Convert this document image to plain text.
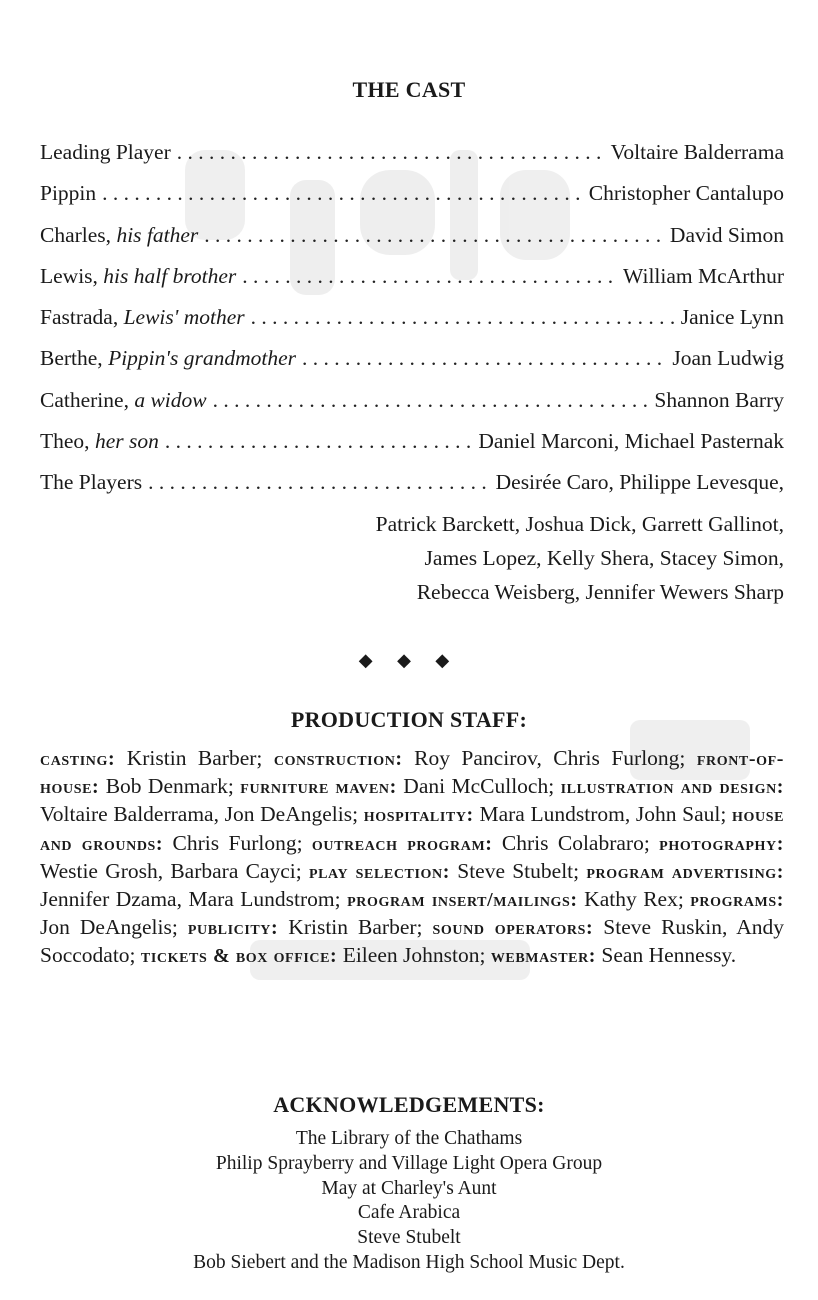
THE CAST
Leading Player . . .	Voltaire Balderrama
Pippin . . .	Christopher Cantalupo
Charles, his father . . .	David Simon
Lewis, his half brother . . .	William McArthur
Fastrada, Lewis' mother . . .	Janice Lynn
Berthe, Pippin's grandmother . . .	Joan Ludwig
Catherine, a widow . . .	Shannon Barry
Theo, her son . . .	Daniel Marconi, Michael Pasternak
The Players . . .	Desirée Caro, Philippe Levesque,
Patrick Barckett, Joshua Dick, Garrett Gallinot,
James Lopez, Kelly Shera, Stacey Simon,
Rebecca Weisberg, Jennifer Wewers Sharp
◆ ◆ ◆
PRODUCTION STAFF:
casting: Kristin Barber; construction: Roy Pancirov, Chris Furlong; front-of-house: Bob Denmark; furniture maven: Dani McCulloch; illustration and design: Voltaire Balderrama, Jon DeAngelis; hospitality: Mara Lundstrom, John Saul; house and grounds: Chris Furlong; outreach program: Chris Colabraro; photography: Westie Grosh, Barbara Cayci; play selection: Steve Stubelt; program advertising: Jennifer Dzama, Mara Lundstrom; program insert/mailings: Kathy Rex; programs: Jon DeAngelis; publicity: Kristin Barber; sound operators: Steve Ruskin, Andy Soccodato; tickets & box office: Eileen Johnston; webmaster: Sean Hennessy.
ACKNOWLEDGEMENTS:
The Library of the Chathams
Philip Sprayberry and Village Light Opera Group
May at Charley's Aunt
Cafe Arabica
Steve Stubelt
Bob Siebert and the Madison High School Music Dept.
